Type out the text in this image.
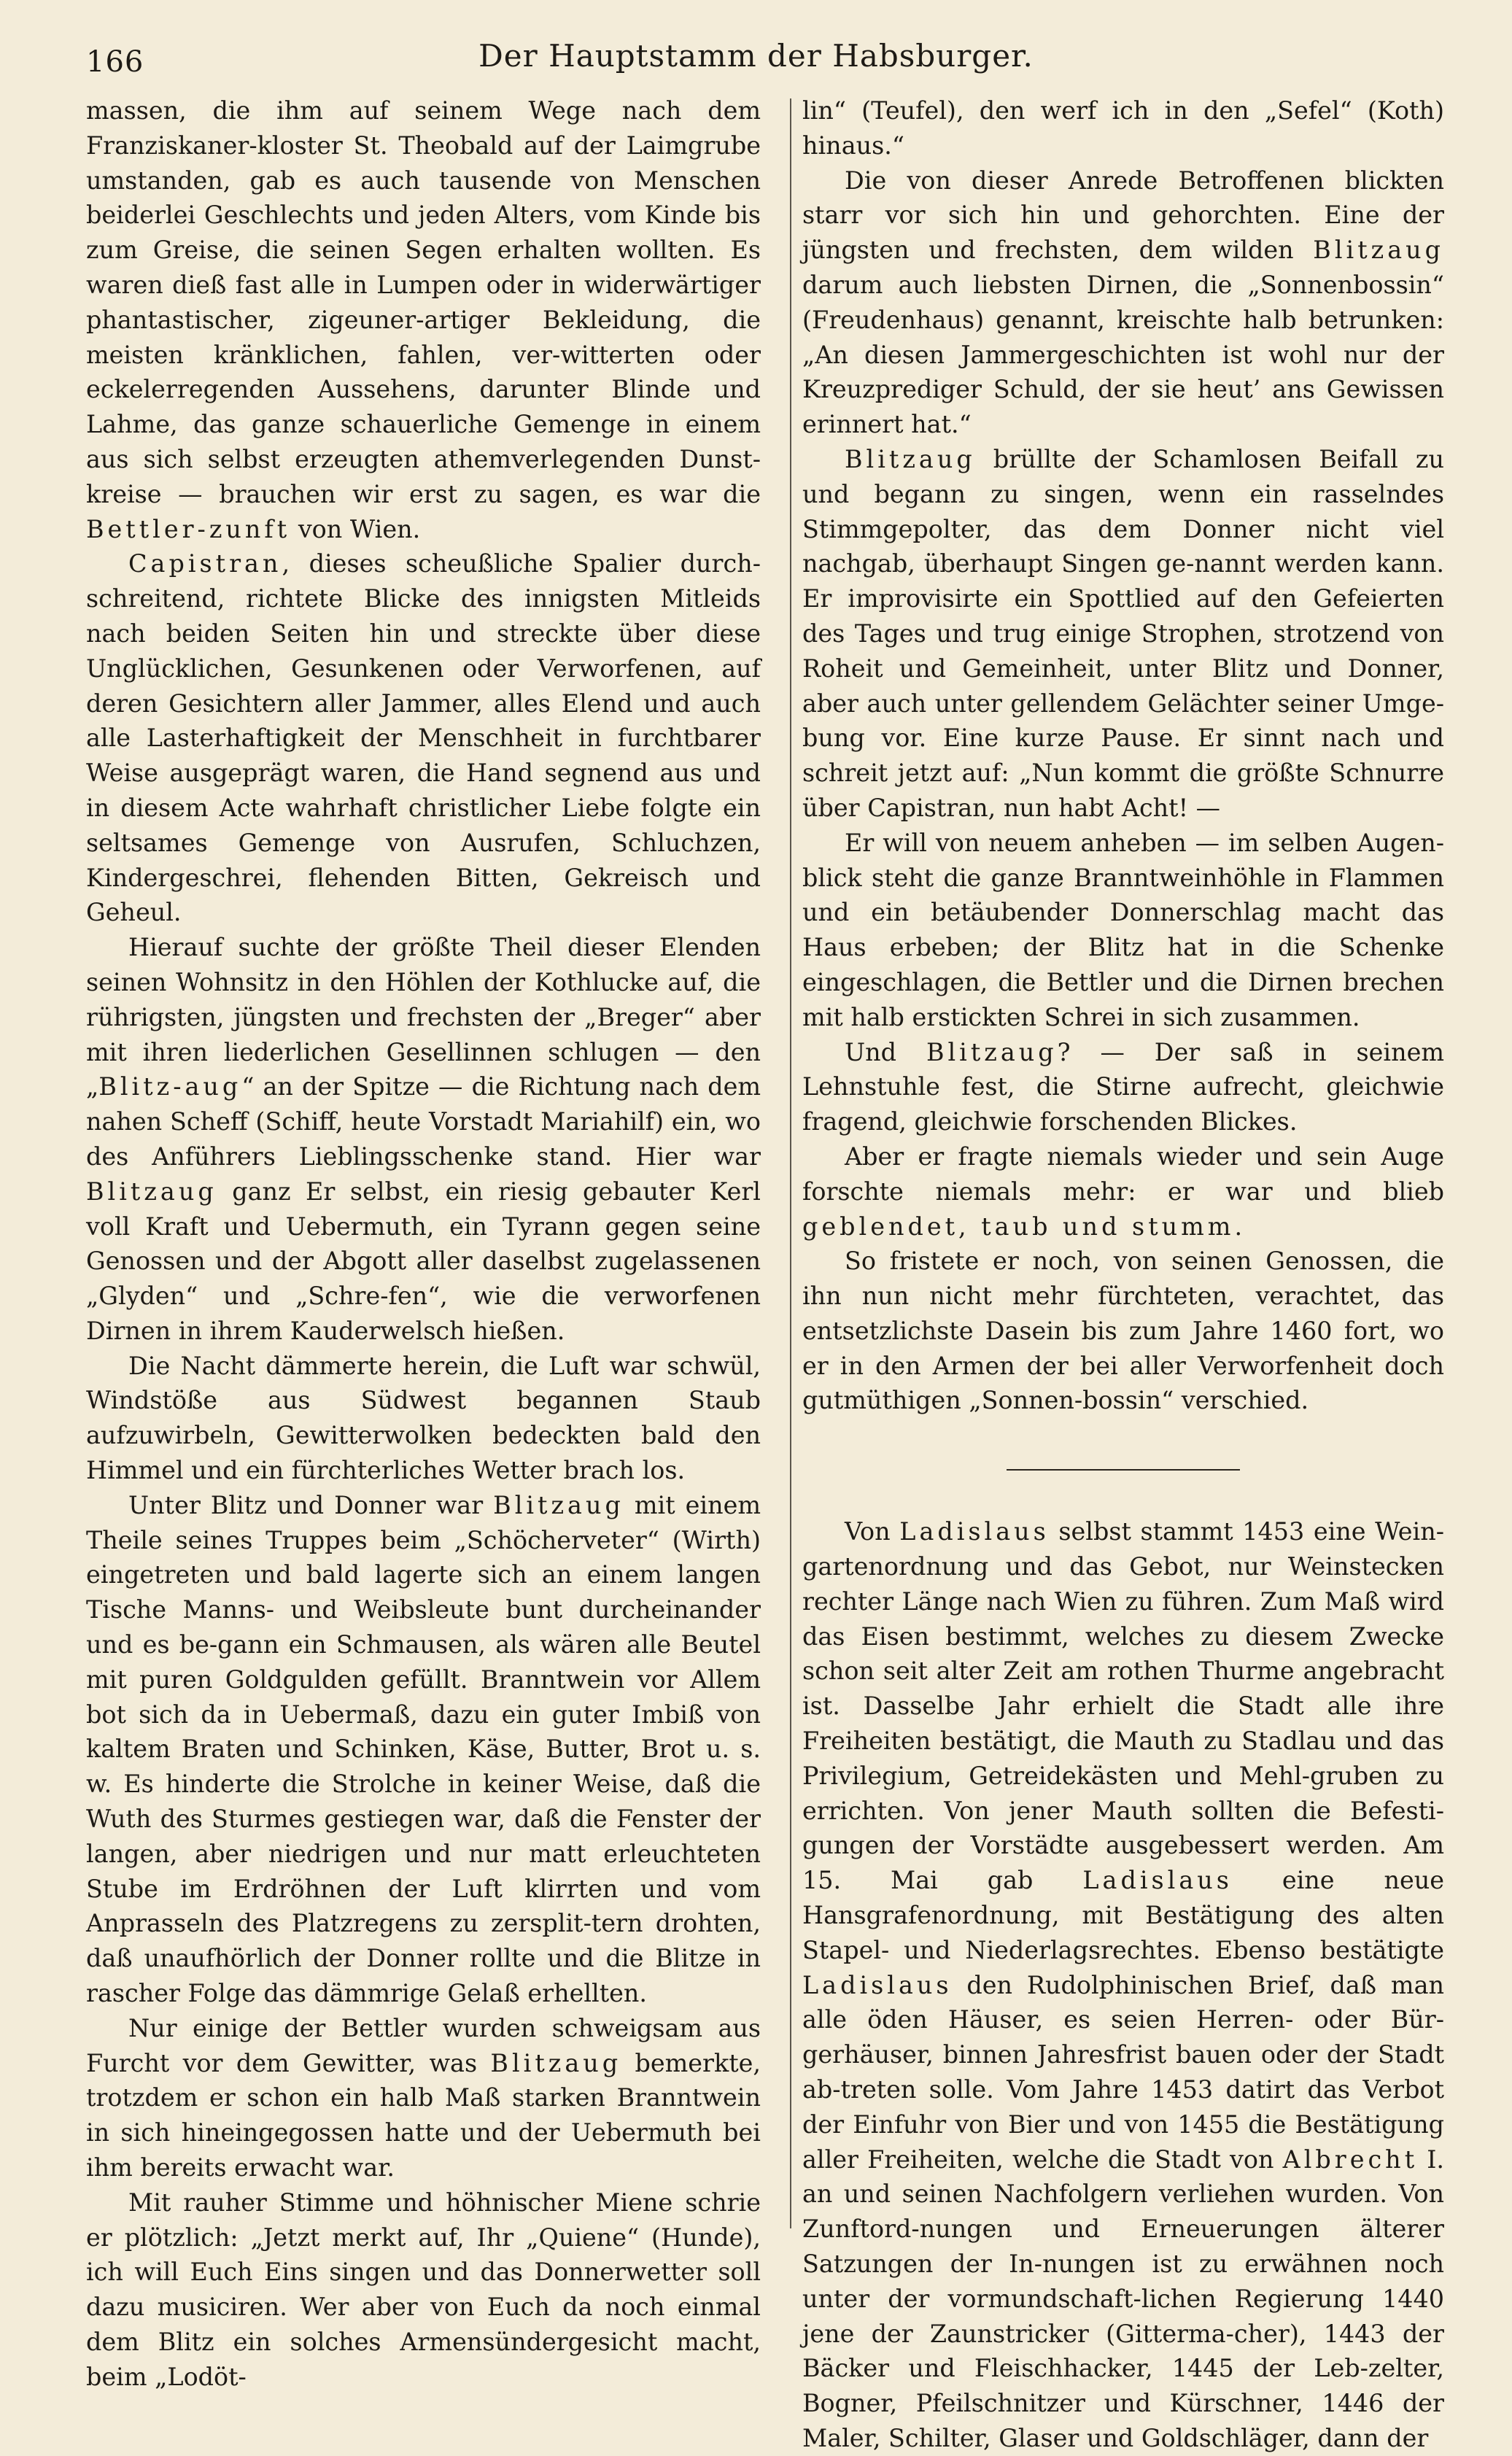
166	Der Hauptstamm der Habsburger.

massen, die ihm auf seinem Wege nach dem Franziskaner-kloster St. Theobald auf der Laimgrube umstanden, gab es auch tausende von Menschen beiderlei Geschlechts und jeden Alters, vom Kinde bis zum Greise, die seinen Segen erhalten wollten. Es waren dieß fast alle in Lumpen oder in widerwärtiger phantastischer, zigeuner-artiger Bekleidung, die meisten kränklichen, fahlen, ver-witterten oder eckelerregenden Aussehens, darunter Blinde und Lahme, das ganze schauerliche Gemenge in einem aus sich selbst erzeugten athemverlegenden Dunst-kreise — brauchen wir erst zu sagen, es war die Bettler-zunft von Wien.

Capistran, dieses scheußliche Spalier durch-schreitend, richtete Blicke des innigsten Mitleids nach beiden Seiten hin und streckte über diese Unglücklichen, Gesunkenen oder Verworfenen, auf deren Gesichtern aller Jammer, alles Elend und auch alle Lasterhaftigkeit der Menschheit in furchtbarer Weise ausgeprägt waren, die Hand segnend aus und in diesem Acte wahrhaft christlicher Liebe folgte ein seltsames Gemenge von Ausrufen, Schluchzen, Kindergeschrei, flehenden Bitten, Gekreisch und Geheul.

Hierauf suchte der größte Theil dieser Elenden seinen Wohnsitz in den Höhlen der Kothlucke auf, die rührigsten, jüngsten und frechsten der „Breger“ aber mit ihren liederlichen Gesellinnen schlugen — den „Blitz-aug“ an der Spitze — die Richtung nach dem nahen Scheff (Schiff, heute Vorstadt Mariahilf) ein, wo des Anführers Lieblingsschenke stand. Hier war Blitzaug ganz Er selbst, ein riesig gebauter Kerl voll Kraft und Uebermuth, ein Tyrann gegen seine Genossen und der Abgott aller daselbst zugelassenen „Glyden“ und „Schre-fen“, wie die verworfenen Dirnen in ihrem Kauderwelsch hießen.

Die Nacht dämmerte herein, die Luft war schwül, Windstöße aus Südwest begannen Staub aufzuwirbeln, Gewitterwolken bedeckten bald den Himmel und ein fürchterliches Wetter brach los.

Unter Blitz und Donner war Blitzaug mit einem Theile seines Truppes beim „Schöcherveter“ (Wirth) eingetreten und bald lagerte sich an einem langen Tische Manns- und Weibsleute bunt durcheinander und es be-gann ein Schmausen, als wären alle Beutel mit puren Goldgulden gefüllt. Branntwein vor Allem bot sich da in Uebermaß, dazu ein guter Imbiß von kaltem Braten und Schinken, Käse, Butter, Brot u. s. w. Es hinderte die Strolche in keiner Weise, daß die Wuth des Sturmes gestiegen war, daß die Fenster der langen, aber niedrigen und nur matt erleuchteten Stube im Erdröhnen der Luft klirrten und vom Anprasseln des Platzregens zu zersplit-tern drohten, daß unaufhörlich der Donner rollte und die Blitze in rascher Folge das dämmrige Gelaß erhellten.

Nur einige der Bettler wurden schweigsam aus Furcht vor dem Gewitter, was Blitzaug bemerkte, trotzdem er schon ein halb Maß starken Branntwein in sich hineingegossen hatte und der Uebermuth bei ihm bereits erwacht war.

Mit rauher Stimme und höhnischer Miene schrie er plötzlich: „Jetzt merkt auf, Ihr „Quiene“ (Hunde), ich will Euch Eins singen und das Donnerwetter soll dazu musiciren. Wer aber von Euch da noch einmal dem Blitz ein solches Armensündergesicht macht, beim „Lodöt-

lin“ (Teufel), den werf ich in den „Sefel“ (Koth) hinaus.“

Die von dieser Anrede Betroffenen blickten starr vor sich hin und gehorchten. Eine der jüngsten und frechsten, dem wilden Blitzaug darum auch liebsten Dirnen, die „Sonnenbossin“ (Freudenhaus) genannt, kreischte halb betrunken: „An diesen Jammergeschichten ist wohl nur der Kreuzprediger Schuld, der sie heut’ ans Gewissen erinnert hat.“

Blitzaug brüllte der Schamlosen Beifall zu und begann zu singen, wenn ein rasselndes Stimmgepolter, das dem Donner nicht viel nachgab, überhaupt Singen ge-nannt werden kann. Er improvisirte ein Spottlied auf den Gefeierten des Tages und trug einige Strophen, strotzend von Roheit und Gemeinheit, unter Blitz und Donner, aber auch unter gellendem Gelächter seiner Umge-bung vor. Eine kurze Pause. Er sinnt nach und schreit jetzt auf: „Nun kommt die größte Schnurre über Capistran, nun habt Acht! —

Er will von neuem anheben — im selben Augen-blick steht die ganze Branntweinhöhle in Flammen und ein betäubender Donnerschlag macht das Haus erbeben; der Blitz hat in die Schenke eingeschlagen, die Bettler und die Dirnen brechen mit halb erstickten Schrei in sich zusammen.

Und Blitzaug? — Der saß in seinem Lehnstuhle fest, die Stirne aufrecht, gleichwie fragend, gleichwie forschenden Blickes.

Aber er fragte niemals wieder und sein Auge forschte niemals mehr: er war und blieb geblendet, taub und stumm.

So fristete er noch, von seinen Genossen, die ihn nun nicht mehr fürchteten, verachtet, das entsetzlichste Dasein bis zum Jahre 1460 fort, wo er in den Armen der bei aller Verworfenheit doch gutmüthigen „Sonnen-bossin“ verschied.

Von Ladislaus selbst stammt 1453 eine Wein-gartenordnung und das Gebot, nur Weinstecken rechter Länge nach Wien zu führen. Zum Maß wird das Eisen bestimmt, welches zu diesem Zwecke schon seit alter Zeit am rothen Thurme angebracht ist. Dasselbe Jahr erhielt die Stadt alle ihre Freiheiten bestätigt, die Mauth zu Stadlau und das Privilegium, Getreidekästen und Mehl-gruben zu errichten. Von jener Mauth sollten die Befesti-gungen der Vorstädte ausgebessert werden. Am 15. Mai gab Ladislaus eine neue Hansgrafenordnung, mit Bestätigung des alten Stapel- und Niederlagsrechtes. Ebenso bestätigte Ladislaus den Rudolphinischen Brief, daß man alle öden Häuser, es seien Herren- oder Bür-gerhäuser, binnen Jahresfrist bauen oder der Stadt ab-treten solle. Vom Jahre 1453 datirt das Verbot der Einfuhr von Bier und von 1455 die Bestätigung aller Freiheiten, welche die Stadt von Albrecht I. an und seinen Nachfolgern verliehen wurden. Von Zunftord-nungen und Erneuerungen älterer Satzungen der In-nungen ist zu erwähnen noch unter der vormundschaft-lichen Regierung 1440 jene der Zaunstricker (Gitterma-cher), 1443 der Bäcker und Fleischhacker, 1445 der Leb-zelter, Bogner, Pfeilschnitzer und Kürschner, 1446 der Maler, Schilter, Glaser und Goldschläger, dann der
